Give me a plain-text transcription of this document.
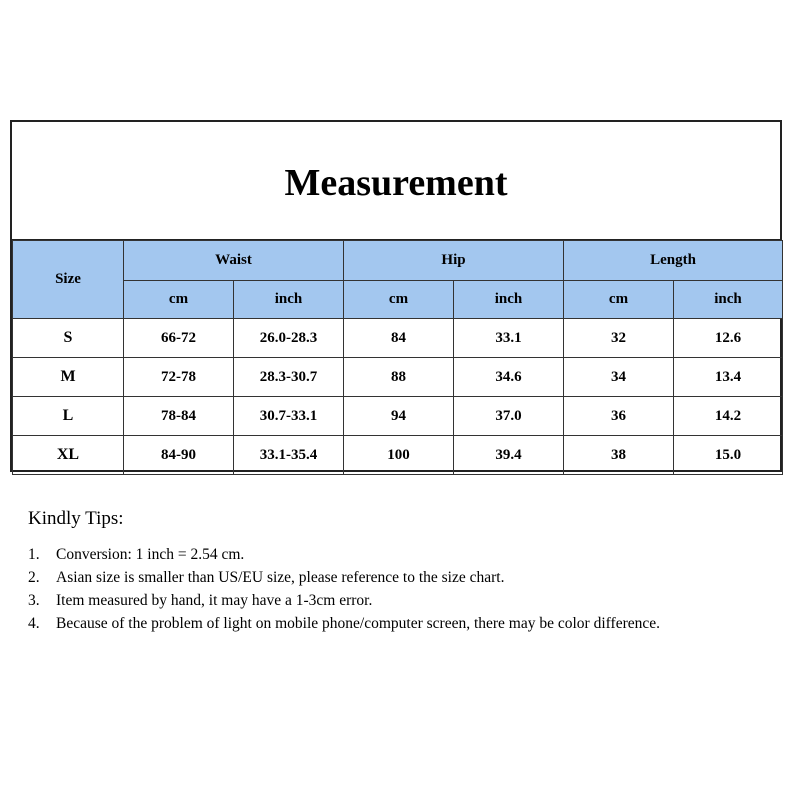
Measurement
Size	Waist		Hip		Length	
	cm	inch	cm	inch	cm	inch
S	66-72	26.0-28.3	84	33.1	32	12.6
M	72-78	28.3-30.7	88	34.6	34	13.4
L	78-84	30.7-33.1	94	37.0	36	14.2
XL	84-90	33.1-35.4	100	39.4	38	15.0
Kindly Tips:
1.	Conversion: 1 inch = 2.54 cm.
2.	Asian size is smaller than US/EU size, please reference to the size chart.
3.	Item measured by hand, it may have a 1-3cm error.
4.	Because of the problem of light on mobile phone/computer screen, there may be color difference.
